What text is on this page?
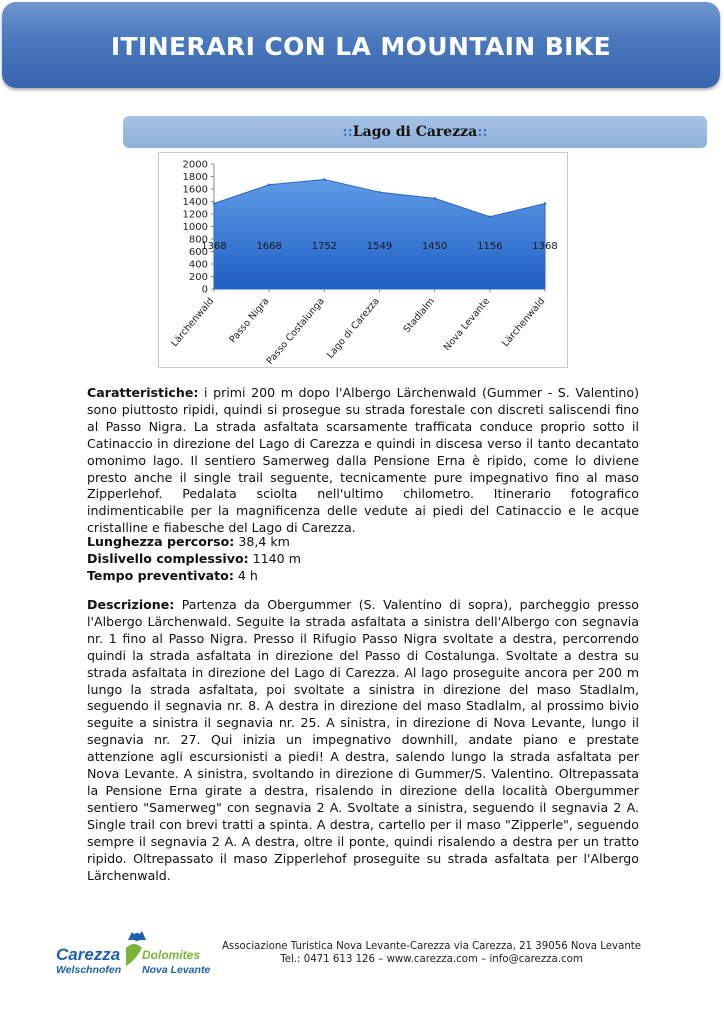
ITINERARI CON LA MOUNTAIN BIKE
::Lago di Carezza::
0
200
400
600
800
1000
1200
1400
1600
1800
2000
1368	1668	1752	1549	1450	1156	1368
Lärchenwald Passo Nigra
Passo Costalunga
Lago di Carezza Stadlalm Nova Levante Lärchenwald
Caratteristiche: i primi 200 m dopo l'Albergo Lärchenwald (Gummer - S. Valentino) sono piuttosto ripidi, quindi si prosegue su strada forestale con discreti saliscendi fino al Passo Nigra. La strada asfaltata scarsamente trafficata conduce proprio sotto il Catinaccio in direzione del Lago di Carezza e quindi in discesa verso il tanto decantato omonimo lago. Il sentiero Samerweg dalla Pensione Erna è ripido, come lo diviene presto anche il single trail seguente, tecnicamente pure impegnativo fino al maso Zipperlehof. Pedalata sciolta nell'ultimo chilometro. Itinerario fotografico indimenticabile per la magnificenza delle vedute ai piedi del Catinaccio e le acque cristalline e fiabesche del Lago di Carezza.
Lunghezza percorso: 38,4 km
Dislivello complessivo: 1140 m
Tempo preventivato: 4 h
Descrizione: Partenza da Obergummer (S. Valentino di sopra), parcheggio presso l'Albergo Lärchenwald. Seguite la strada asfaltata a sinistra dell'Albergo con segnavia nr. 1 fino al Passo Nigra. Presso il Rifugio Passo Nigra svoltate a destra, percorrendo quindi la strada asfaltata in direzione del Passo di Costalunga. Svoltate a destra su strada asfaltata in direzione del Lago di Carezza. Al lago proseguite ancora per 200 m lungo la strada asfaltata, poi svoltate a sinistra in direzione del maso Stadlalm, seguendo il segnavia nr. 8. A destra in direzione del maso Stadlalm, al prossimo bivio seguite a sinistra il segnavia nr. 25. A sinistra, in direzione di Nova Levante, lungo il segnavia nr. 27. Qui inizia un impegnativo downhill, andate piano e prestate attenzione agli escursionisti a piedi! A destra, salendo lungo la strada asfaltata per Nova Levante. A sinistra, svoltando in direzione di Gummer/S. Valentino. Oltrepassata la Pensione Erna girate a destra, risalendo in direzione della località Obergummer sentiero "Samerweg" con segnavia 2 A. Svoltate a sinistra, seguendo il segnavia 2 A. Single trail con brevi tratti a spinta. A destra, cartello per il maso "Zipperle", seguendo sempre il segnavia 2 A. A destra, oltre il ponte, quindi risalendo a destra per un tratto ripido. Oltrepassato il maso Zipperlehof proseguite su strada asfaltata per l'Albergo Lärchenwald.
Carezza Dolomites
Welschnofen Nova Levante
Associazione Turistica Nova Levante-Carezza via Carezza, 21 39056 Nova Levante
Tel.: 0471 613 126 – www.carezza.com – info@carezza.com
